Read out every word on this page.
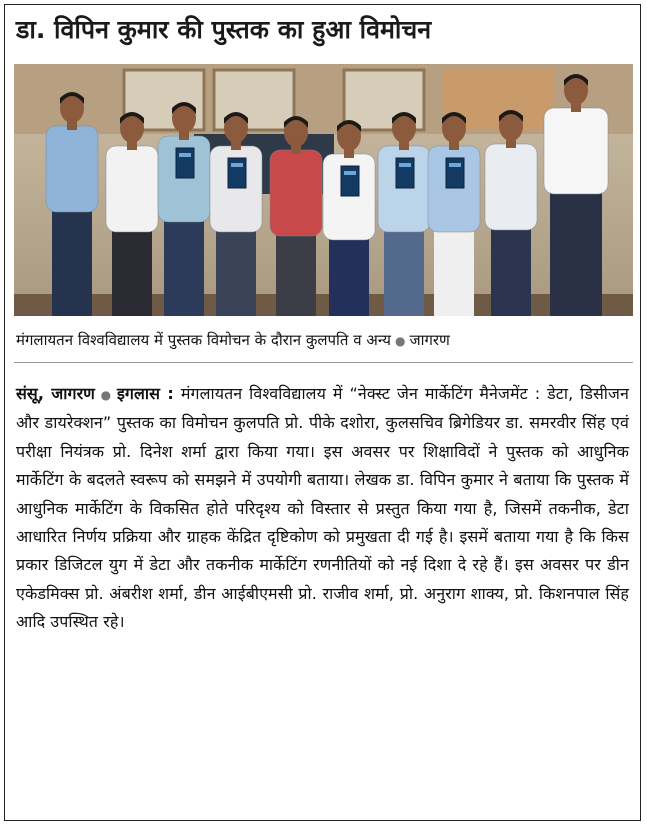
डा. विपिन कुमार की पुस्तक का हुआ विमोचन
मंगलायतन विश्वविद्यालय में पुस्तक विमोचन के दौरान कुलपति व अन्य ● जागरण
संसू, जागरण ● इगलास : मंगलायतन विश्वविद्यालय में “नेक्स्ट जेन मार्केटिंग मैनेजमेंट : डेटा, डिसीजन और डायरेक्शन” पुस्तक का विमोचन कुलपति प्रो. पीके दशोरा, कुलसचिव ब्रिगेडियर डा. समरवीर सिंह एवं परीक्षा नियंत्रक प्रो. दिनेश शर्मा द्वारा किया गया। इस अवसर पर शिक्षाविदों ने पुस्तक को आधुनिक मार्केटिंग के बदलते स्वरूप को समझने में उपयोगी बताया। लेखक डा. विपिन कुमार ने बताया कि पुस्तक में आधुनिक मार्केटिंग के विकसित होते परिदृश्य को विस्तार से प्रस्तुत किया गया है, जिसमें तकनीक, डेटा आधारित निर्णय प्रक्रिया और ग्राहक केंद्रित दृष्टिकोण को प्रमुखता दी गई है। इसमें बताया गया है कि किस प्रकार डिजिटल युग में डेटा और तकनीक मार्केटिंग रणनीतियों को नई दिशा दे रहे हैं। इस अवसर पर डीन एकेडमिक्स प्रो. अंबरीश शर्मा, डीन आईबीएमसी प्रो. राजीव शर्मा, प्रो. अनुराग शाक्य, प्रो. किशनपाल सिंह आदि उपस्थित रहे।
